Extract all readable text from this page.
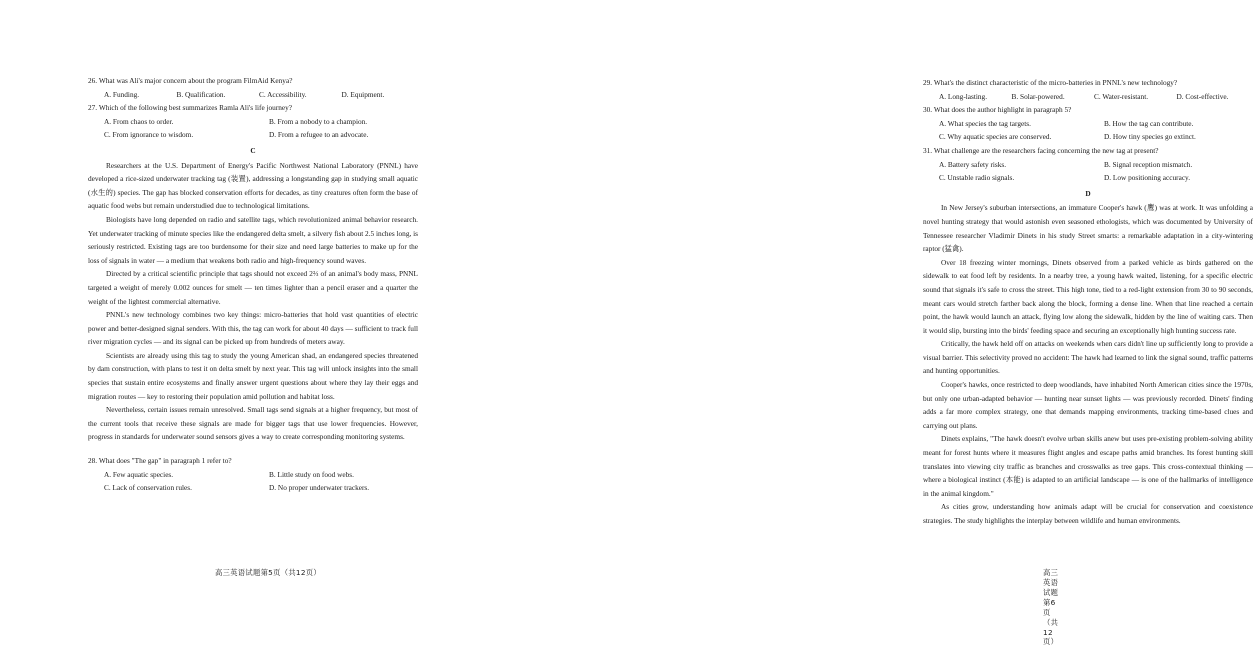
26. What was Ali's major concern about the program FilmAid Kenya?

A. Funding.	B. Qualification.	C. Accessibility.	D. Equipment.

27. Which of the following best summarizes Ramla Ali's life journey?

A. From chaos to order.	B. From a nobody to a champion.
C. From ignorance to wisdom.	D. From a refugee to an advocate.
C

Researchers at the U.S. Department of Energy's Pacific Northwest National Laboratory (PNNL) have developed a rice-sized underwater tracking tag (装置), addressing a longstanding gap in studying small aquatic (水生的) species. The gap has blocked conservation efforts for decades, as tiny creatures often form the base of aquatic food webs but remain understudied due to technological limitations.

Biologists have long depended on radio and satellite tags, which revolutionized animal behavior research. Yet underwater tracking of minute species like the endangered delta smelt, a silvery fish about 2.5 inches long, is seriously restricted. Existing tags are too burdensome for their size and need large batteries to make up for the loss of signals in water — a medium that weakens both radio and high-frequency sound waves.

Directed by a critical scientific principle that tags should not exceed 2⅔ of an animal's body mass, PNNL targeted a weight of merely 0.002 ounces for smelt — ten times lighter than a pencil eraser and a quarter the weight of the lightest commercial alternative.

PNNL's new technology combines two key things: micro-batteries that hold vast quantities of electric power and better-designed signal senders. With this, the tag can work for about 40 days — sufficient to track full river migration cycles — and its signal can be picked up from hundreds of meters away.

Scientists are already using this tag to study the young American shad, an endangered species threatened by dam construction, with plans to test it on delta smelt by next year. This tag will unlock insights into the small species that sustain entire ecosystems and finally answer urgent questions about where they lay their eggs and migration routes — key to restoring their population amid pollution and habitat loss.

Nevertheless, certain issues remain unresolved. Small tags send signals at a higher frequency, but most of the current tools that receive these signals are made for bigger tags that use lower frequencies. However, progress in standards for underwater sound sensors gives a way to create corresponding monitoring systems.

28. What does "The gap" in paragraph 1 refer to?

A. Few aquatic species.	B. Little study on food webs.
C. Lack of conservation rules.	D. No proper underwater trackers.
高三英语试题第5页（共12页）

29. What's the distinct characteristic of the micro-batteries in PNNL's new technology?

A. Long-lasting.	B. Solar-powered.	C. Water-resistant.	D. Cost-effective.

30. What does the author highlight in paragraph 5?

A. What species the tag targets.	B. How the tag can contribute.
C. Why aquatic species are conserved.	D. How tiny species go extinct.

31. What challenge are the researchers facing concerning the new tag at present?

A. Battery safety risks.	B. Signal reception mismatch.
C. Unstable radio signals.	D. Low positioning accuracy.
D

In New Jersey's suburban intersections, an immature Cooper's hawk (鹰) was at work. It was unfolding a novel hunting strategy that would astonish even seasoned ethologists, which was documented by University of Tennessee researcher Vladimir Dinets in his study Street smarts: a remarkable adaptation in a city-wintering raptor (猛禽).

Over 18 freezing winter mornings, Dinets observed from a parked vehicle as birds gathered on the sidewalk to eat food left by residents. In a nearby tree, a young hawk waited, listening, for a specific electric sound that signals it's safe to cross the street. This high tone, tied to a red-light extension from 30 to 90 seconds, meant cars would stretch farther back along the block, forming a dense line. When that line reached a certain point, the hawk would launch an attack, flying low along the sidewalk, hidden by the line of waiting cars. Then it would slip, bursting into the birds' feeding space and securing an exceptionally high hunting success rate.

Critically, the hawk held off on attacks on weekends when cars didn't line up sufficiently long to provide a visual barrier. This selectivity proved no accident: The hawk had learned to link the signal sound, traffic patterns and hunting opportunities.

Cooper's hawks, once restricted to deep woodlands, have inhabited North American cities since the 1970s, but only one urban-adapted behavior — hunting near sunset lights — was previously recorded. Dinets' finding adds a far more complex strategy, one that demands mapping environments, tracking time-based clues and carrying out plans.

Dinets explains, "The hawk doesn't evolve urban skills anew but uses pre-existing problem-solving ability meant for forest hunts where it measures flight angles and escape paths amid branches. Its forest hunting skill translates into viewing city traffic as branches and crosswalks as tree gaps. This cross-contextual thinking — where a biological instinct (本能) is adapted to an artificial landscape — is one of the hallmarks of intelligence in the animal kingdom."

As cities grow, understanding how animals adapt will be crucial for conservation and coexistence strategies. The study highlights the interplay between wildlife and human environments.

高三英语试题第6页（共12页）
